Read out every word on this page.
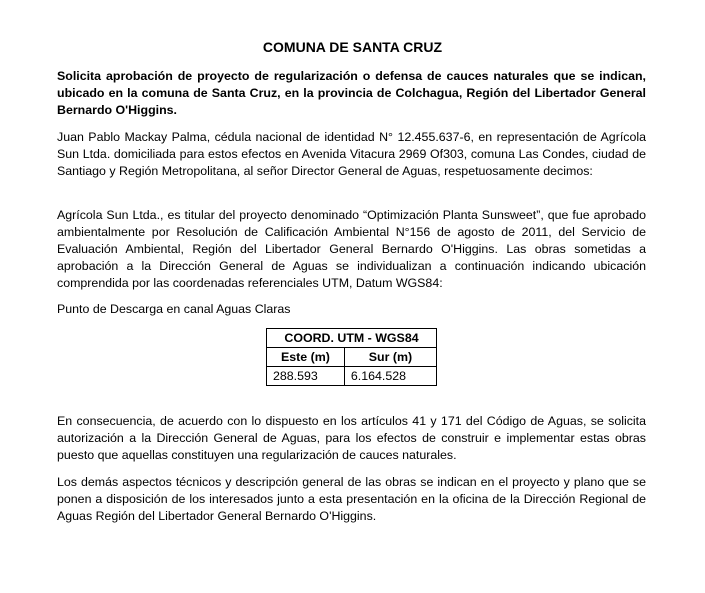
COMUNA DE SANTA CRUZ

Solicita aprobación de proyecto de regularización o defensa de cauces naturales que se indican, ubicado en la comuna de Santa Cruz, en la provincia de Colchagua, Región del Libertador General Bernardo O'Higgins.

Juan Pablo Mackay Palma, cédula nacional de identidad N° 12.455.637-6, en representación de Agrícola Sun Ltda. domiciliada para estos efectos en Avenida Vitacura 2969 Of303, comuna Las Condes, ciudad de Santiago y Región Metropolitana, al señor Director General de Aguas, respetuosamente decimos:

Agrícola Sun Ltda., es titular del proyecto denominado “Optimización Planta Sunsweet”, que fue aprobado ambientalmente por Resolución de Calificación Ambiental N°156 de agosto de 2011, del Servicio de Evaluación Ambiental, Región del Libertador General Bernardo O'Higgins. Las obras sometidas a aprobación a la Dirección General de Aguas se individualizan a continuación indicando ubicación comprendida por las coordenadas referenciales UTM, Datum WGS84:

Punto de Descarga en canal Aguas Claras

COORD. UTM - WGS84	
Este (m)	Sur (m)
288.593	6.164.528

En consecuencia, de acuerdo con lo dispuesto en los artículos 41 y 171 del Código de Aguas, se solicita autorización a la Dirección General de Aguas, para los efectos de construir e implementar estas obras puesto que aquellas constituyen una regularización de cauces naturales.

Los demás aspectos técnicos y descripción general de las obras se indican en el proyecto y plano que se ponen a disposición de los interesados junto a esta presentación en la oficina de la Dirección Regional de Aguas Región del Libertador General Bernardo O'Higgins.
